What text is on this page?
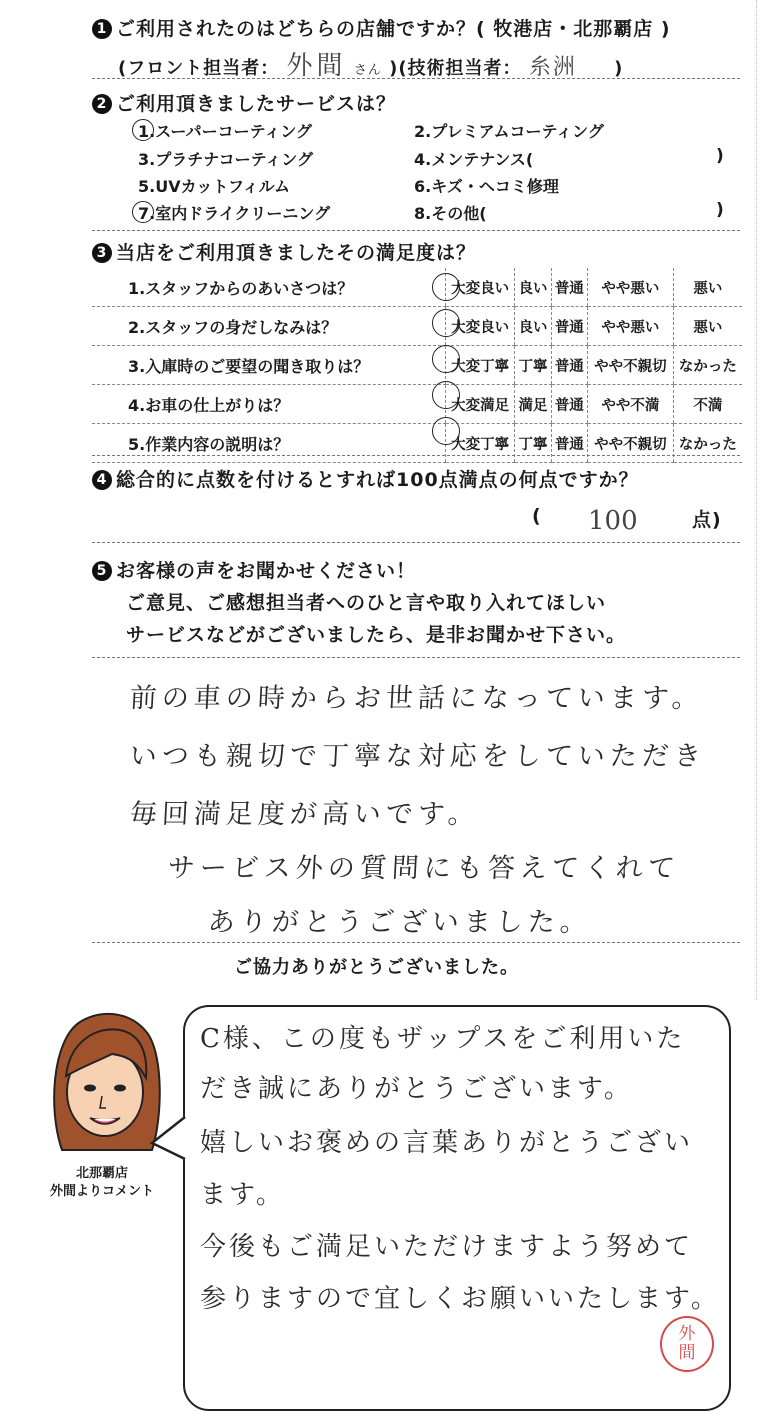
1 ご利用されたのはどちらの店舗ですか？( 牧港店・北那覇店 )
(フロント担当者： 外間 さん )(技術担当者： 糸洲 )
2 ご利用頂きましたサービスは？
1.スーパーコーティング	2.プレミアムコーティング
3.プラチナコーティング	4.メンテナンス(	)
5.UVカットフィルム	6.キズ・ヘコミ修理
7.室内ドライクリーニング	8.その他(	)
3 当店をご利用頂きましたその満足度は？
1.スタッフからのあいさつは？	大変良い	良い	普通	やや悪い	悪い
2.スタッフの身だしなみは？	大変良い	良い	普通	やや悪い	悪い
3.入庫時のご要望の聞き取りは？	大変丁寧	丁寧	普通	やや不親切	なかった
4.お車の仕上がりは？	大変満足	満足	普通	やや不満	不満
5.作業内容の説明は？	大変丁寧	丁寧	普通	やや不親切	なかった
4 総合的に点数を付けるとすれば100点満点の何点ですか？
( 100	点)
5 お客様の声をお聞かせください！
ご意見、ご感想担当者へのひと言や取り入れてほしい
サービスなどがございましたら、是非お聞かせ下さい。
前の車の時からお世話になっています。
いつも親切で丁寧な対応をしていただき
毎回満足度が高いです。
サービス外の質問にも答えてくれて
ありがとうございました。
ご協力ありがとうございました。
北那覇店
外間よりコメント
C様、この度もザップスをご利用いた
だき誠にありがとうございます。
嬉しいお褒めの言葉ありがとうござい
ます。
今後もご満足いただけますよう努めて
参りますので宜しくお願いいたします。
外
間
